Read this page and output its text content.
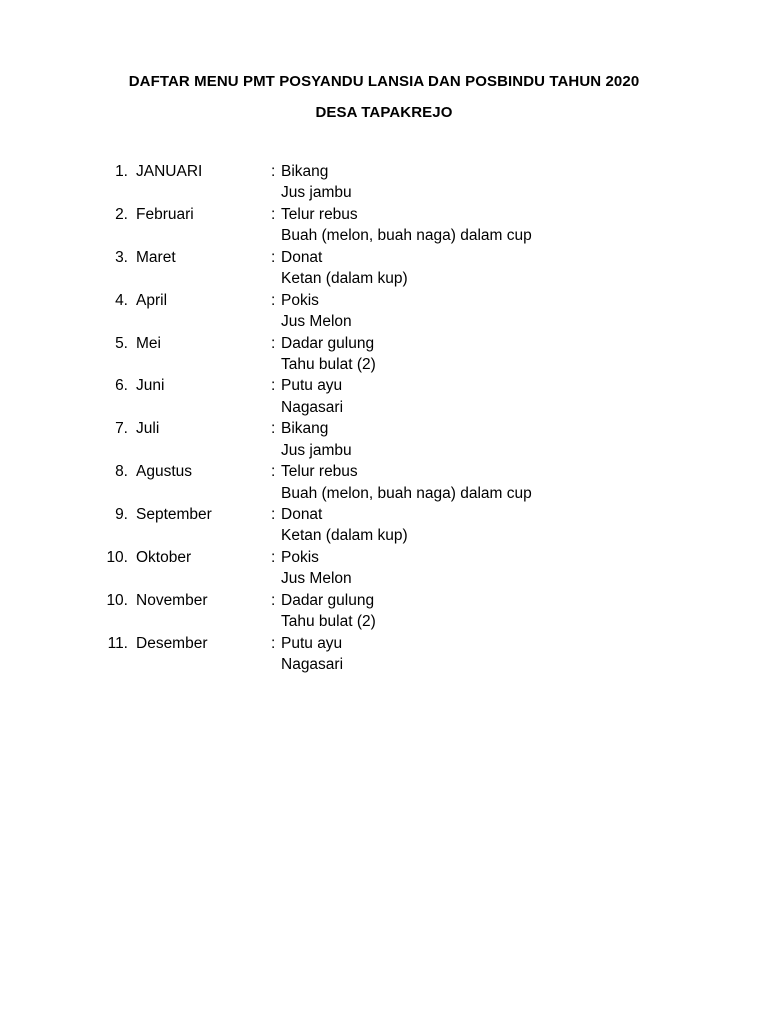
DAFTAR MENU PMT POSYANDU LANSIA DAN POSBINDU TAHUN 2020
DESA TAPAKREJO
1. JANUARI	: Bikang
Jus jambu
2. Februari	: Telur rebus
Buah (melon, buah naga) dalam cup
3. Maret	: Donat
Ketan (dalam kup)
4. April	: Pokis
Jus Melon
5. Mei	: Dadar gulung
Tahu bulat (2)
6. Juni	: Putu ayu
Nagasari
7. Juli	: Bikang
Jus jambu
8. Agustus	: Telur rebus
Buah (melon, buah naga) dalam cup
9. September	: Donat
Ketan (dalam kup)
10. Oktober	: Pokis
Jus Melon
10. November	: Dadar gulung
Tahu bulat (2)
11. Desember	: Putu ayu
Nagasari
